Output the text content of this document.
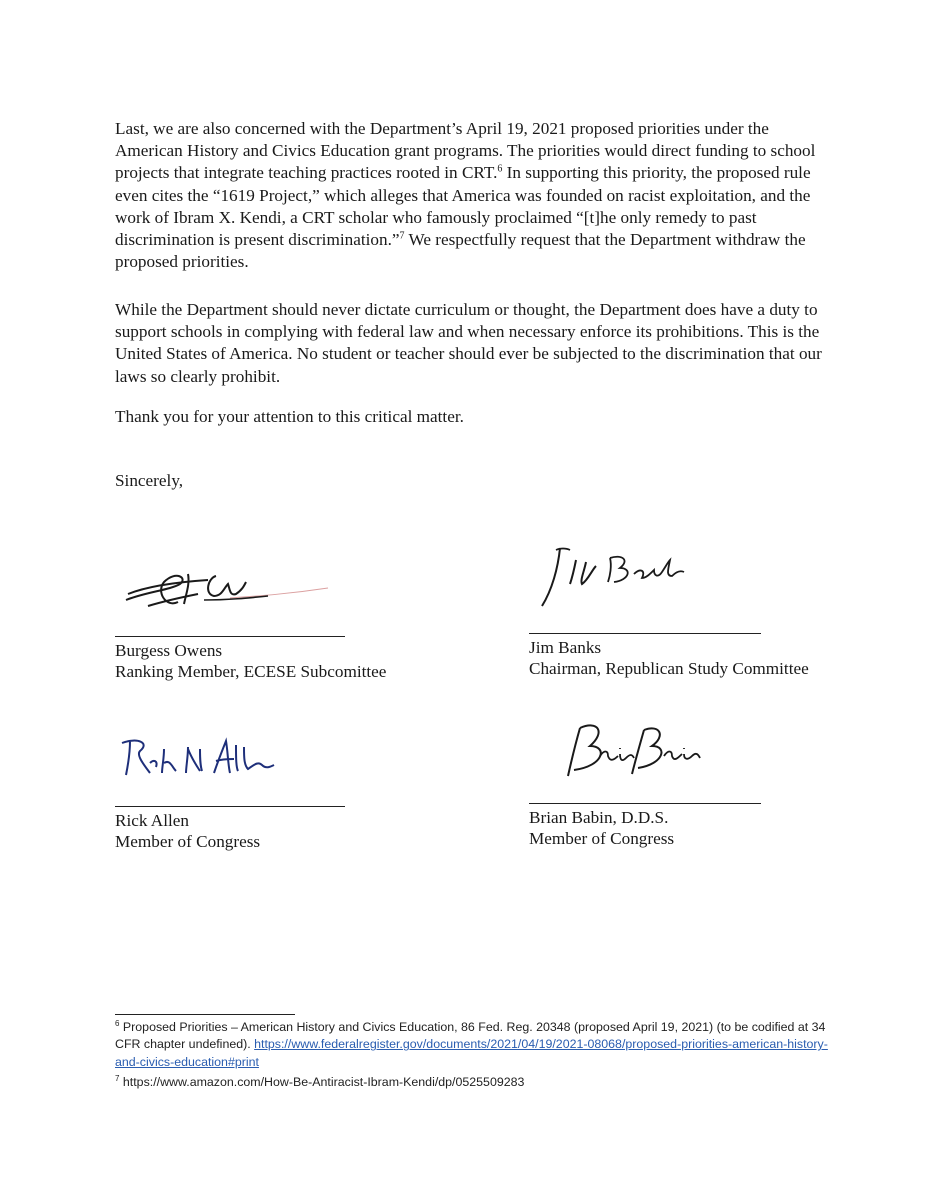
Last, we are also concerned with the Department’s April 19, 2021 proposed priorities under the American History and Civics Education grant programs. The priorities would direct funding to school projects that integrate teaching practices rooted in CRT.$^6$ In supporting this priority, the proposed rule even cites the “1619 Project,” which alleges that America was founded on racist exploitation, and the work of Ibram X. Kendi, a CRT scholar who famously proclaimed “[t]he only remedy to past discrimination is present discrimination.”$^7$ We respectfully request that the Department withdraw the proposed priorities.

While the Department should never dictate curriculum or thought, the Department does have a duty to support schools in complying with federal law and when necessary enforce its prohibitions. This is the United States of America. No student or teacher should ever be subjected to the discrimination that our laws so clearly prohibit.

Thank you for your attention to this critical matter.

Sincerely,

Burgess Owens
Ranking Member, ECESE Subcomittee
Jim Banks
Chairman, Republican Study Committee
Rick Allen
Member of Congress
Brian Babin, D.D.S.
Member of Congress
$^6$ Proposed Priorities – American History and Civics Education, 86 Fed. Reg. 20348 (proposed April 19, 2021) (to be codified at 34 CFR chapter undefined). https://www.federalregister.gov/documents/2021/04/19/2021-08068/proposed-priorities-american-history-and-civics-education#print
$^7$ https://www.amazon.com/How-Be-Antiracist-Ibram-Kendi/dp/0525509283
